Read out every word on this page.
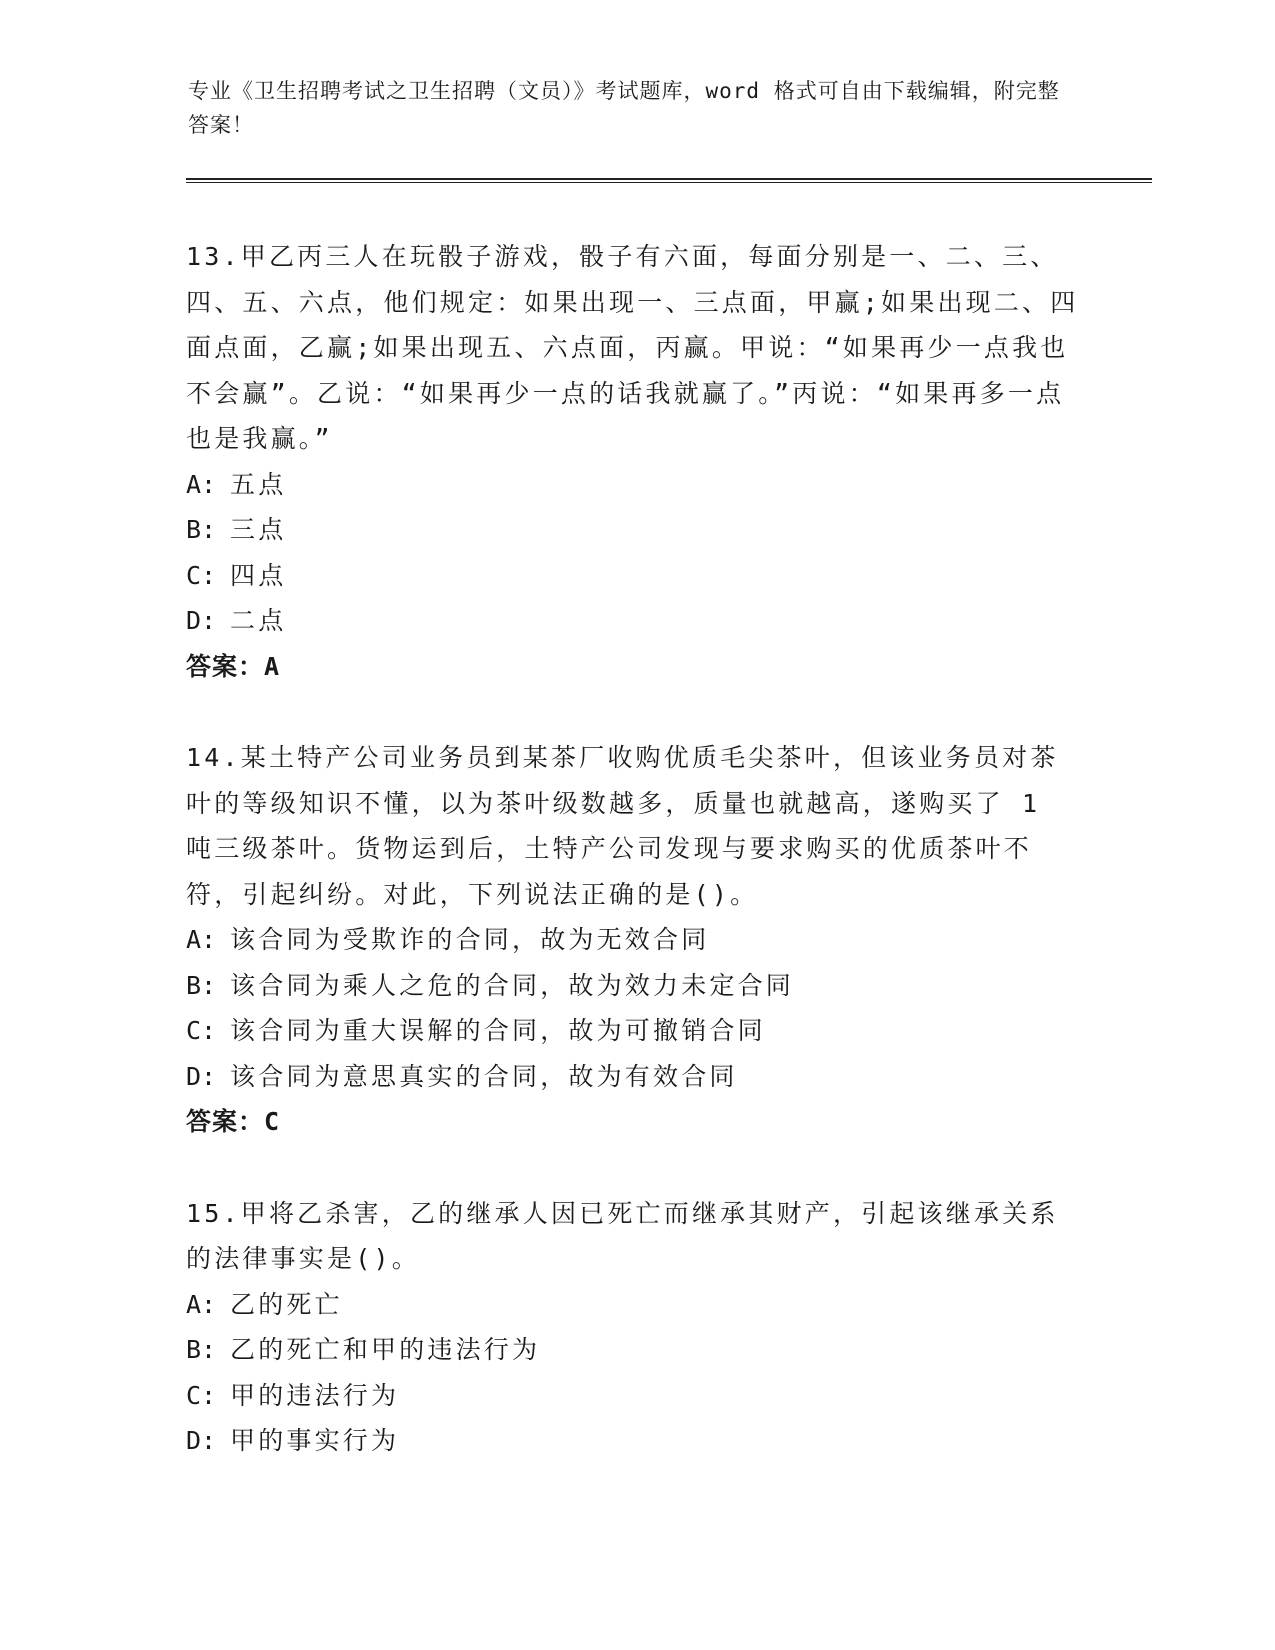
专业《卫生招聘考试之卫生招聘（文员）》考试题库，word 格式可自由下载编辑，附完整答案！

13.甲乙丙三人在玩骰子游戏，骰子有六面，每面分别是一、二、三、四、五、六点，他们规定：如果出现一、三点面，甲赢;如果出现二、四面点面，乙赢;如果出现五、六点面，丙赢。甲说：“如果再少一点我也不会赢”。乙说：“如果再少一点的话我就赢了。”丙说：“如果再多一点也是我赢。”

A: 五点
B: 三点
C: 四点
D: 二点
答案：A

14.某土特产公司业务员到某茶厂收购优质毛尖茶叶，但该业务员对茶叶的等级知识不懂，以为茶叶级数越多，质量也就越高，遂购买了 1 吨三级茶叶。货物运到后，土特产公司发现与要求购买的优质茶叶不符，引起纠纷。对此，下列说法正确的是()。

A: 该合同为受欺诈的合同，故为无效合同
B: 该合同为乘人之危的合同，故为效力未定合同
C: 该合同为重大误解的合同，故为可撤销合同
D: 该合同为意思真实的合同，故为有效合同
答案：C

15.甲将乙杀害，乙的继承人因已死亡而继承其财产，引起该继承关系的法律事实是()。

A: 乙的死亡
B: 乙的死亡和甲的违法行为
C: 甲的违法行为
D: 甲的事实行为
